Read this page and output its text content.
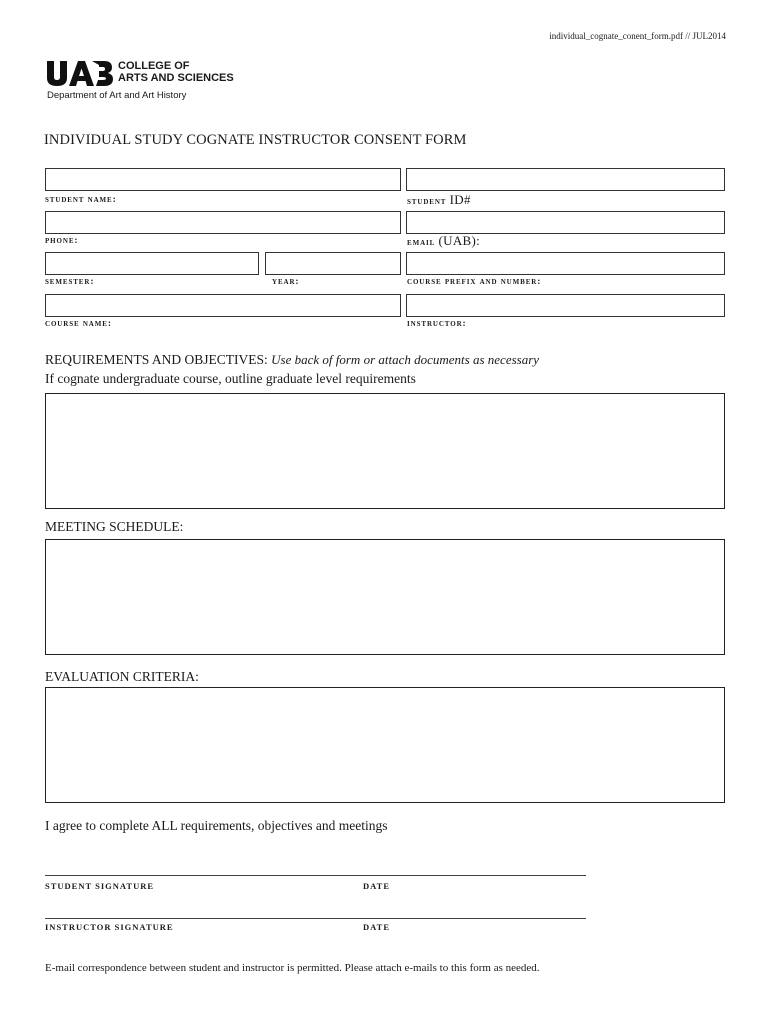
individual_cognate_conent_form.pdf // JUL2014
COLLEGE OF
ARTS AND SCIENCES
Department of Art and Art History
INDIVIDUAL STUDY COGNATE INSTRUCTOR CONSENT FORM
student name:	student ID#
phone:	email (UAB):
semester:	year:	course prefix and number:
course name:	instructor:
REQUIREMENTS AND OBJECTIVES: Use back of form or attach documents as necessary
If cognate undergraduate course, outline graduate level requirements
MEETING SCHEDULE:
EVALUATION CRITERIA:
I agree to complete ALL requirements, objectives and meetings
STUDENT SIGNATURE	DATE
INSTRUCTOR SIGNATURE	DATE
E-mail correspondence between student and instructor is permitted. Please attach e-mails to this form as needed.
